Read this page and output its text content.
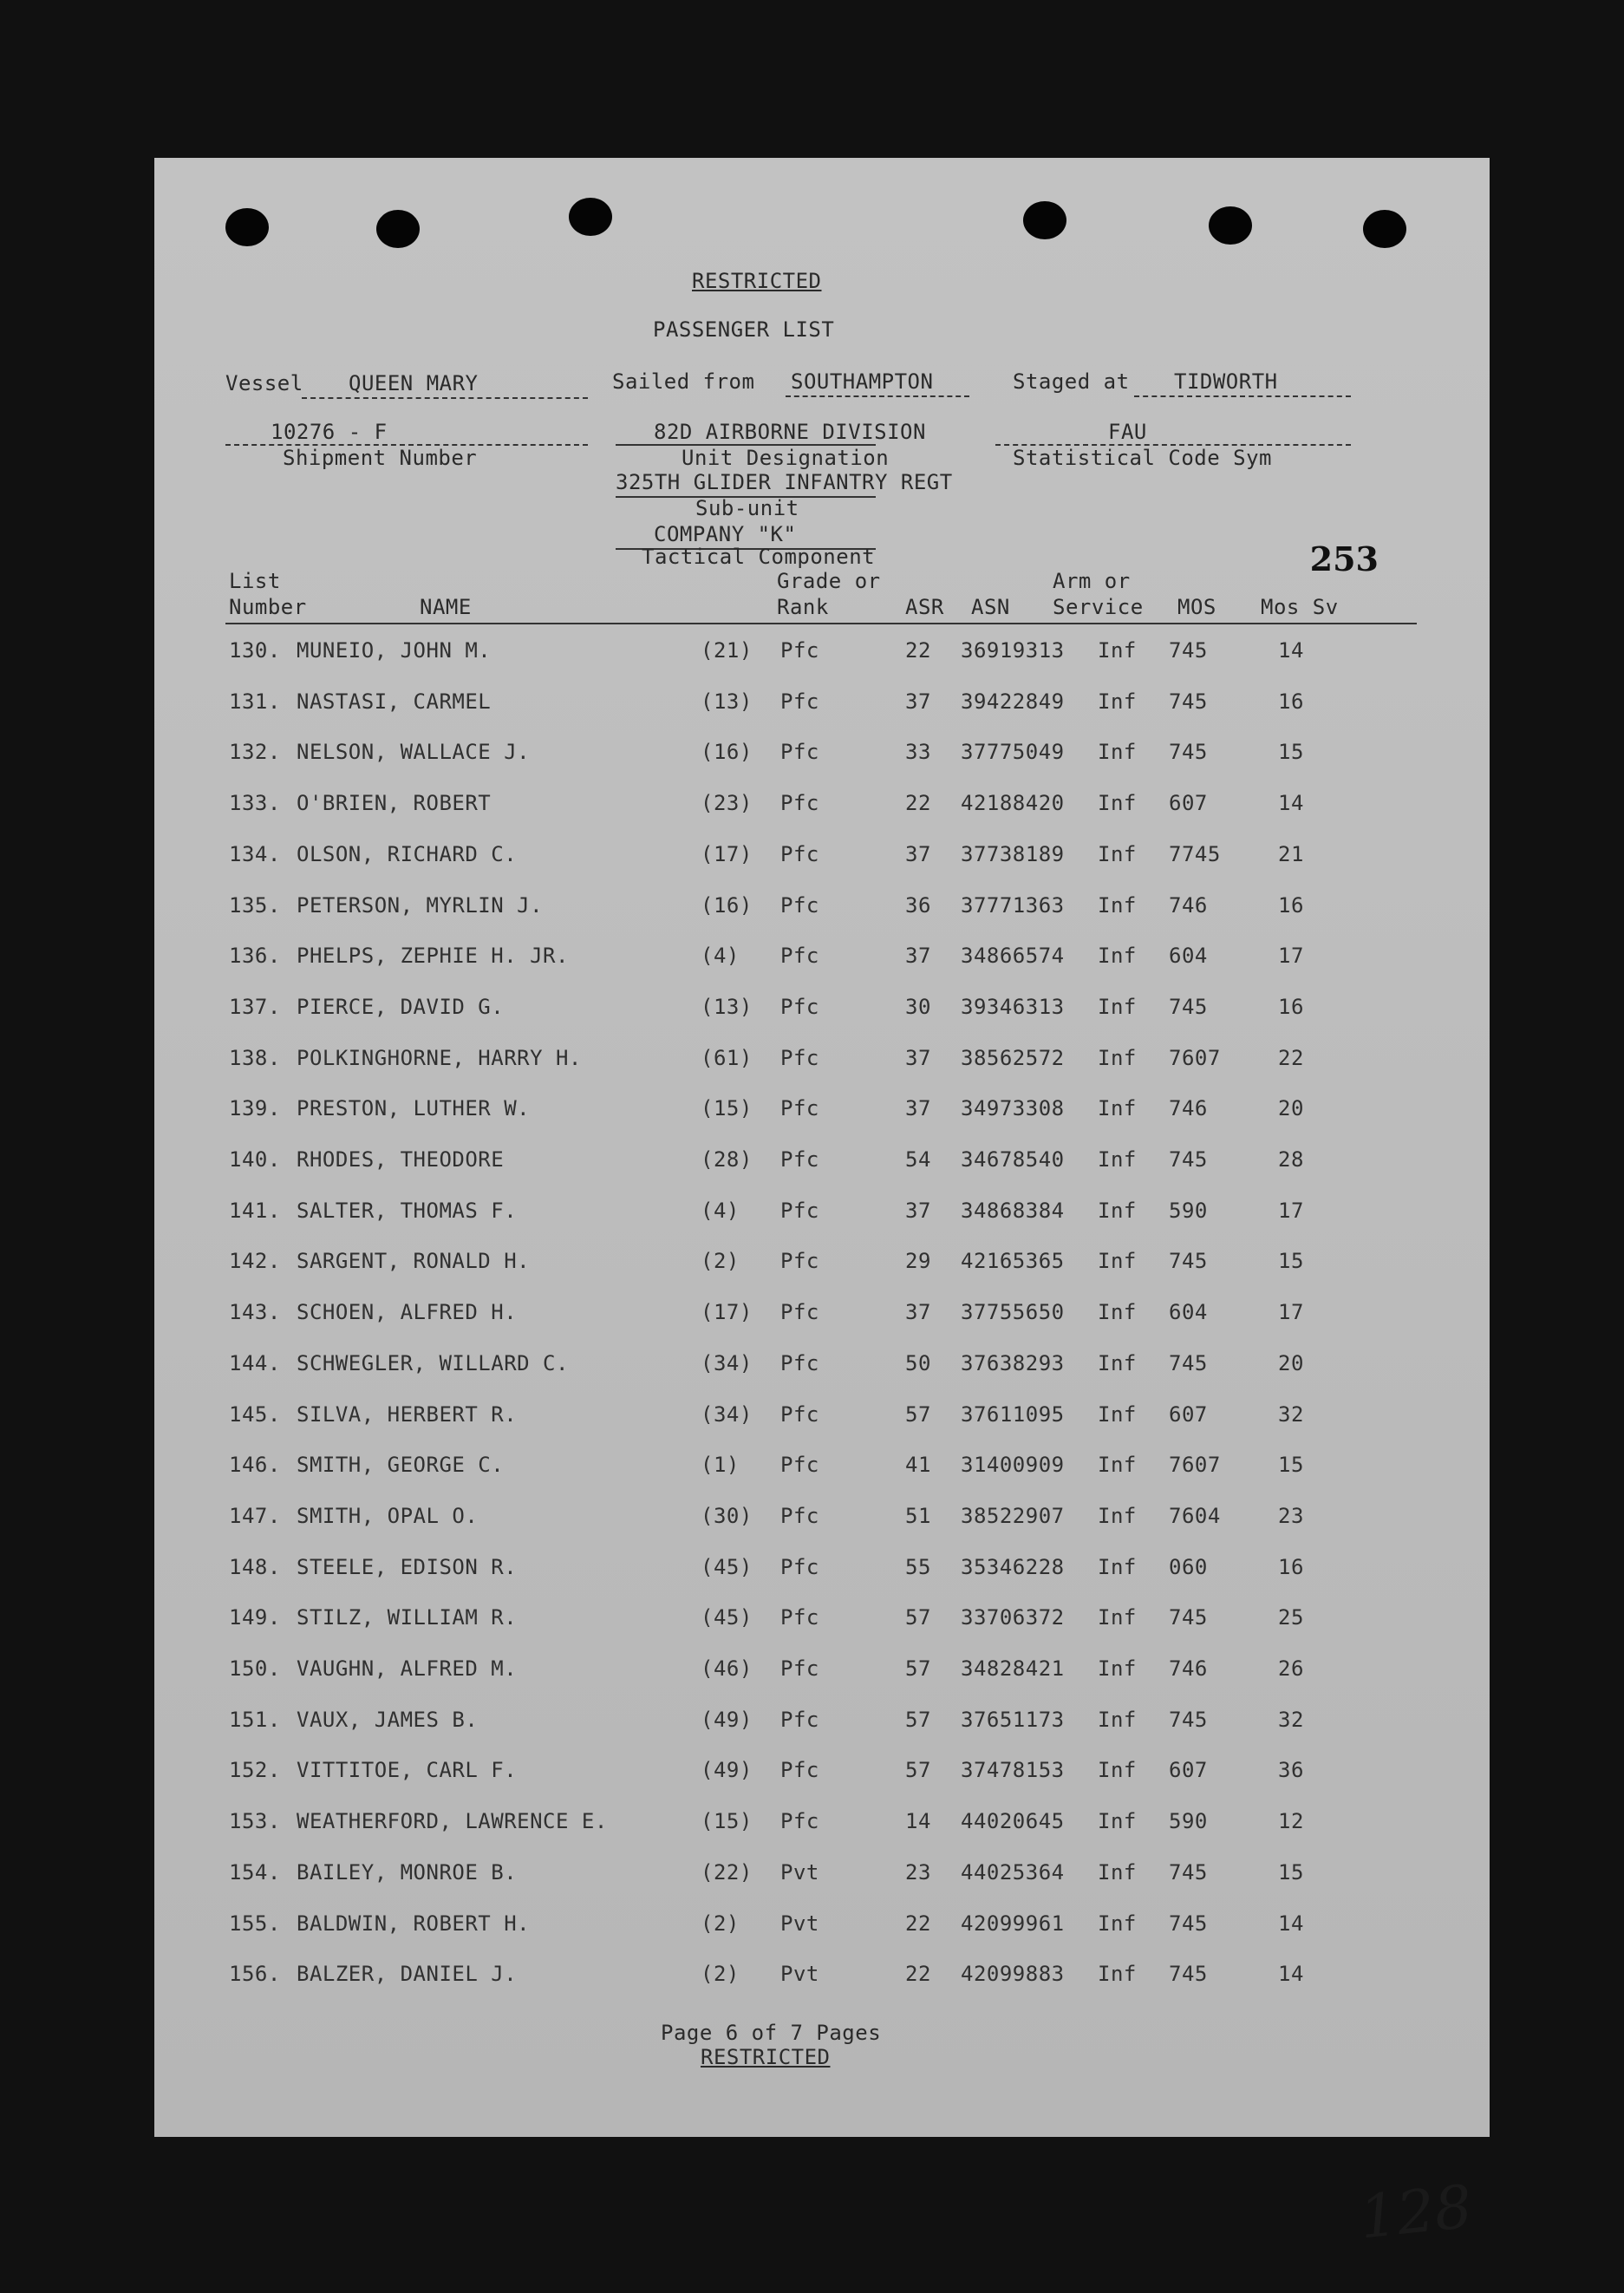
RESTRICTED
PASSENGER LIST
Vessel QUEEN MARY	Sailed from SOUTHAMPTON	Staged at TIDWORTH
10276 - F
Shipment Number
82D AIRBORNE DIVISION
Unit Designation
FAU
Statistical Code Sym
325TH GLIDER INFANTRY REGT
Sub-unit
COMPANY "K"
Tactical Component	253
List
Number	NAME
Grade or
Rank	ASR ASN
Arm or
Service MOS Mos Sv
130. MUNEIO, JOHN M.	(21) Pfc	22 36919313 Inf 745	14
131. NASTASI, CARMEL	(13) Pfc	37 39422849 Inf 745	16
132. NELSON, WALLACE J.	(16) Pfc	33 37775049 Inf 745	15
133. O'BRIEN, ROBERT	(23) Pfc	22 42188420 Inf 607	14
134. OLSON, RICHARD C.	(17) Pfc	37 37738189 Inf 7745	21
135. PETERSON, MYRLIN J.	(16) Pfc	36 37771363 Inf 746	16
136. PHELPS, ZEPHIE H. JR.	(4) Pfc	37 34866574 Inf 604	17
137. PIERCE, DAVID G.	(13) Pfc	30 39346313 Inf 745	16
138. POLKINGHORNE, HARRY H.	(61) Pfc	37 38562572 Inf 7607	22
139. PRESTON, LUTHER W.	(15) Pfc	37 34973308 Inf 746	20
140. RHODES, THEODORE	(28) Pfc	54 34678540 Inf 745	28
141. SALTER, THOMAS F.	(4) Pfc	37 34868384 Inf 590	17
142. SARGENT, RONALD H.	(2) Pfc	29 42165365 Inf 745	15
143. SCHOEN, ALFRED H.	(17) Pfc	37 37755650 Inf 604	17
144. SCHWEGLER, WILLARD C.	(34) Pfc	50 37638293 Inf 745	20
145. SILVA, HERBERT R.	(34) Pfc	57 37611095 Inf 607	32
146. SMITH, GEORGE C.	(1) Pfc	41 31400909 Inf 7607	15
147. SMITH, OPAL O.	(30) Pfc	51 38522907 Inf 7604	23
148. STEELE, EDISON R.	(45) Pfc	55 35346228 Inf 060	16
149. STILZ, WILLIAM R.	(45) Pfc	57 33706372 Inf 745	25
150. VAUGHN, ALFRED M.	(46) Pfc	57 34828421 Inf 746	26
151. VAUX, JAMES B.	(49) Pfc	57 37651173 Inf 745	32
152. VITTITOE, CARL F.	(49) Pfc	57 37478153 Inf 607	36
153. WEATHERFORD, LAWRENCE E.	(15) Pfc	14 44020645 Inf 590	12
154. BAILEY, MONROE B.	(22) Pvt	23 44025364 Inf 745	15
155. BALDWIN, ROBERT H.	(2) Pvt	22 42099961 Inf 745	14
156. BALZER, DANIEL J.	(2) Pvt	22 42099883 Inf 745	14
Page 6 of 7 Pages
RESTRICTED
128
